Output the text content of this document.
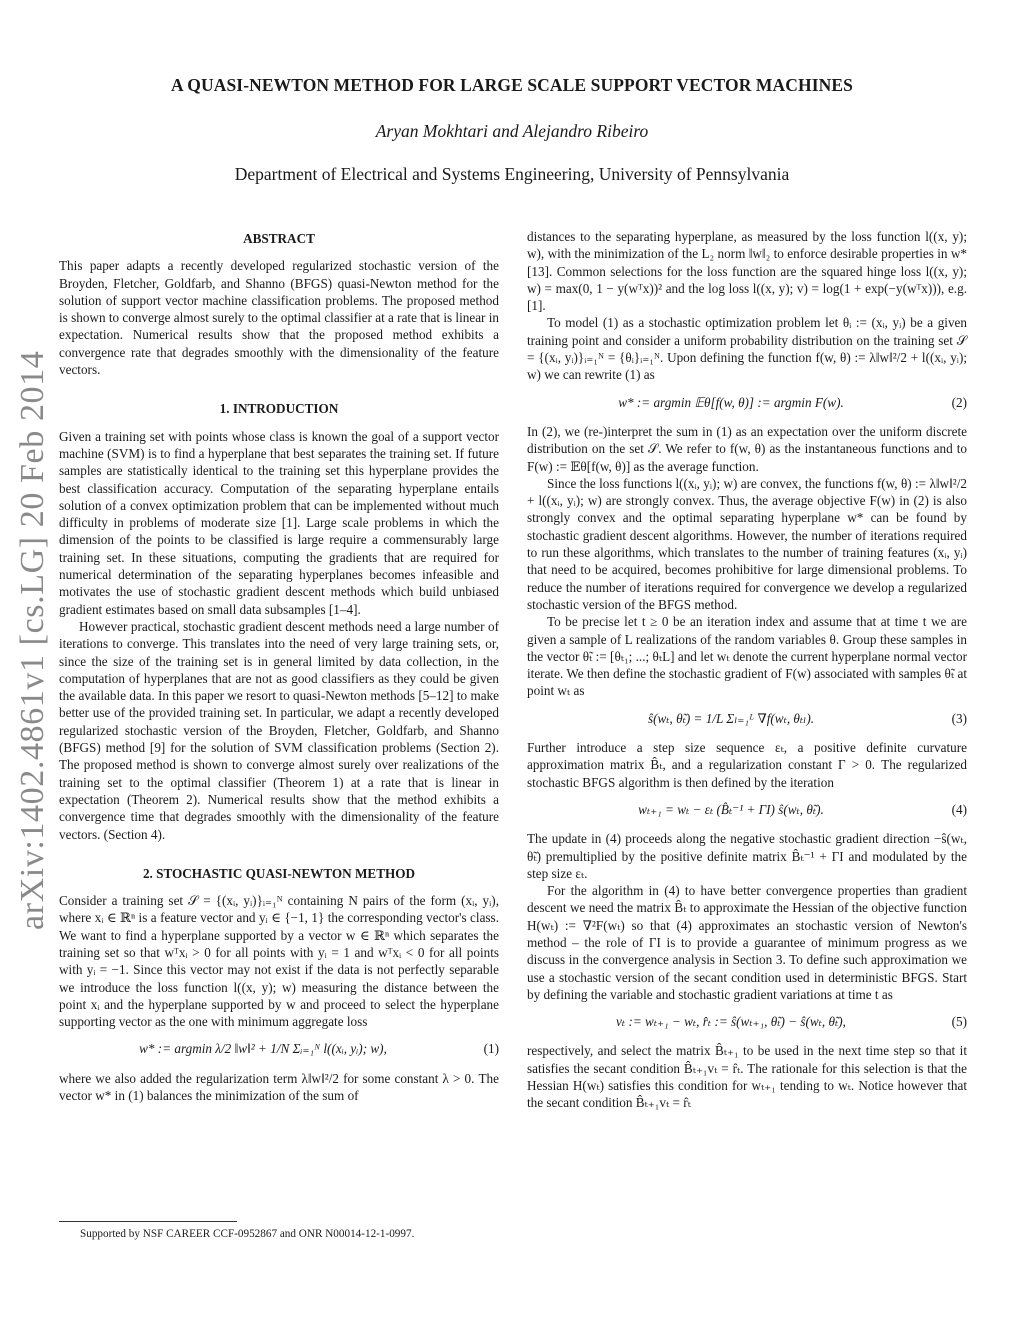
A QUASI-NEWTON METHOD FOR LARGE SCALE SUPPORT VECTOR MACHINES
Aryan Mokhtari and Alejandro Ribeiro
Department of Electrical and Systems Engineering, University of Pennsylvania
arXiv:1402.4861v1 [cs.LG] 20 Feb 2014
ABSTRACT

This paper adapts a recently developed regularized stochastic version of the Broyden, Fletcher, Goldfarb, and Shanno (BFGS) quasi-Newton method for the solution of support vector machine classification problems. The proposed method is shown to converge almost surely to the optimal classifier at a rate that is linear in expectation. Numerical results show that the proposed method exhibits a convergence rate that degrades smoothly with the dimensionality of the feature vectors.

1. INTRODUCTION

Given a training set with points whose class is known the goal of a support vector machine (SVM) is to find a hyperplane that best separates the training set. If future samples are statistically identical to the training set this hyperplane provides the best classification accuracy. Computation of the separating hyperplane entails solution of a convex optimization problem that can be implemented without much difficulty in problems of moderate size [1]. Large scale problems in which the dimension of the points to be classified is large require a commensurably large training set. In these situations, computing the gradients that are required for numerical determination of the separating hyperplanes becomes infeasible and motivates the use of stochastic gradient descent methods which build unbiased gradient estimates based on small data subsamples [1–4].

However practical, stochastic gradient descent methods need a large number of iterations to converge. This translates into the need of very large training sets, or, since the size of the training set is in general limited by data collection, in the computation of hyperplanes that are not as good classifiers as they could be given the available data. In this paper we resort to quasi-Newton methods [5–12] to make better use of the provided training set. In particular, we adapt a recently developed regularized stochastic version of the Broyden, Fletcher, Goldfarb, and Shanno (BFGS) method [9] for the solution of SVM classification problems (Section 2). The proposed method is shown to converge almost surely over realizations of the training set to the optimal classifier (Theorem 1) at a rate that is linear in expectation (Theorem 2). Numerical results show that the method exhibits a convergence time that degrades smoothly with the dimensionality of the feature vectors. (Section 4).

2. STOCHASTIC QUASI-NEWTON METHOD

Consider a training set 𝒮 = {(xᵢ, yᵢ)}ᵢ₌₁ᴺ containing N pairs of the form (xᵢ, yᵢ), where xᵢ ∈ ℝⁿ is a feature vector and yᵢ ∈ {−1, 1} the corresponding vector's class. We want to find a hyperplane supported by a vector w ∈ ℝⁿ which separates the training set so that wᵀxᵢ > 0 for all points with yᵢ = 1 and wᵀxᵢ < 0 for all points with yᵢ = −1. Since this vector may not exist if the data is not perfectly separable we introduce the loss function l((x, y); w) measuring the distance between the point xᵢ and the hyperplane supported by w and proceed to select the hyperplane supporting vector as the one with minimum aggregate loss

w* := argmin λ/2 ‖w‖² + 1/N Σᵢ₌₁ᴺ l((xᵢ, yᵢ); w),	(1)

where we also added the regularization term λ‖w‖²/2 for some constant λ > 0. The vector w* in (1) balances the minimization of the sum of

distances to the separating hyperplane, as measured by the loss function l((x, y); w), with the minimization of the L₂ norm ‖w‖₂ to enforce desirable properties in w* [13]. Common selections for the loss function are the squared hinge loss l((x, y); w) = max(0, 1 − y(wᵀx))² and the log loss l((x, y); v) = log(1 + exp(−y(wᵀx))), e.g. [1].

To model (1) as a stochastic optimization problem let θᵢ := (xᵢ, yᵢ) be a given training point and consider a uniform probability distribution on the training set 𝒮 = {(xᵢ, yᵢ)}ᵢ₌₁ᴺ = {θᵢ}ᵢ₌₁ᴺ. Upon defining the function f(w, θ) := λ‖w‖²/2 + l((xᵢ, yᵢ); w) we can rewrite (1) as

w* := argmin 𝔼θ[f(w, θ)] := argmin F(w).	(2)

In (2), we (re-)interpret the sum in (1) as an expectation over the uniform discrete distribution on the set 𝒮. We refer to f(w, θ) as the instantaneous functions and to F(w) := 𝔼θ[f(w, θ)] as the average function.

Since the loss functions l((xᵢ, yᵢ); w) are convex, the functions f(w, θ) := λ‖w‖²/2 + l((xᵢ, yᵢ); w) are strongly convex. Thus, the average objective F(w) in (2) is also strongly convex and the optimal separating hyperplane w* can be found by stochastic gradient descent algorithms. However, the number of iterations required to run these algorithms, which translates to the number of training features (xᵢ, yᵢ) that need to be acquired, becomes prohibitive for large dimensional problems. To reduce the number of iterations required for convergence we develop a regularized stochastic version of the BFGS method.

To be precise let t ≥ 0 be an iteration index and assume that at time t we are given a sample of L realizations of the random variables θ. Group these samples in the vector θ̃ₜ := [θₜ₁; ...; θₜL] and let wₜ denote the current hyperplane normal vector iterate. We then define the stochastic gradient of F(w) associated with samples θ̃ₜ at point wₜ as

ŝ(wₜ, θ̃ₜ) = 1/L Σₗ₌₁ᴸ ∇f(wₜ, θₜₗ).	(3)

Further introduce a step size sequence εₜ, a positive definite curvature approximation matrix B̂ₜ, and a regularization constant Γ > 0. The regularized stochastic BFGS algorithm is then defined by the iteration

wₜ₊₁ = wₜ − εₜ (B̂ₜ⁻¹ + ΓI) ŝ(wₜ, θ̃ₜ).	(4)

The update in (4) proceeds along the negative stochastic gradient direction −ŝ(wₜ, θ̃ₜ) premultiplied by the positive definite matrix B̂ₜ⁻¹ + ΓI and modulated by the step size εₜ.

For the algorithm in (4) to have better convergence properties than gradient descent we need the matrix B̂ₜ to approximate the Hessian of the objective function H(wₜ) := ∇²F(wₜ) so that (4) approximates an stochastic version of Newton's method – the role of ΓI is to provide a guarantee of minimum progress as we discuss in the convergence analysis in Section 3. To define such approximation we use a stochastic version of the secant condition used in deterministic BFGS. Start by defining the variable and stochastic gradient variations at time t as

vₜ := wₜ₊₁ − wₜ, r̂ₜ := ŝ(wₜ₊₁, θ̃ₜ) − ŝ(wₜ, θ̃ₜ),	(5)

respectively, and select the matrix B̂ₜ₊₁ to be used in the next time step so that it satisfies the secant condition B̂ₜ₊₁vₜ = r̂ₜ. The rationale for this selection is that the Hessian H(wₜ) satisfies this condition for wₜ₊₁ tending to wₜ. Notice however that the secant condition B̂ₜ₊₁vₜ = r̂ₜ

Supported by NSF CAREER CCF-0952867 and ONR N00014-12-1-0997.
